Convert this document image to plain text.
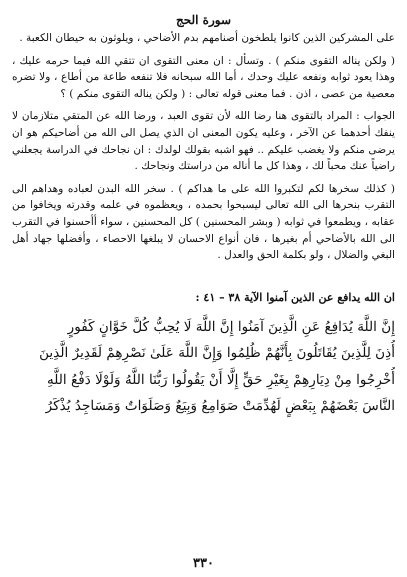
سورة الحج

على المشركين الذين كانوا يلطخون أصنامهم بدم الأضاحي ، ويلوثون به حيطان الكعبة .

( ولكن يناله التقوى منكم ) . وتسأل : ان معنى التقوى ان تتقي الله فيما حرمه عليك ، وهذا يعود ثوابه ونفعه عليك وحدك ، أما الله سبحانه فلا تنفعه طاعة من أطاع ، ولا تضره معصية من عصى ، اذن . فما معنى قوله تعالى : ( ولكن يناله التقوى منكم ) ؟

الجواب : المراد بالتقوى هنا رضا الله لأن تقوى العبد ، ورضا الله عن المتقي متلازمان لا ينفك أحدهما عن الآخر ، وعليه يكون المعنى ان الذي يصل الى الله من أضاحيكم هو ان يرضى منكم ولا يغضب عليكم .. فهو اشبه بقولك لولدك : ان نجاحك في الدراسة يجعلني راضياً عنك محباً لك ، وهذا كل ما أناله من دراستك ونجاحك .

( كذلك سخرها لكم لتكبروا الله على ما هداكم ) . سخر الله البدن لعباده وهداهم الى التقرب بنحرها الى الله تعالى ليسبحوا بحمده ، ويعظموه في علمه وقدرته ويخافوا من عقابه ، ويطمعوا في ثوابه ( وبشر المحسنين ) كل المحسنين ، سواء أأحسنوا في التقرب الى الله بالأضاحي أم بغيرها ، فان أنواع الاحسان لا يبلغها الاحصاء ، وأفضلها جهاد أهل البغي والضلال ، ولو بكلمة الحق والعدل .

ان الله يدافع عن الذين آمنوا الآية ٣٨ – ٤١ :
إِنَّ اللَّهَ يُدَافِعُ عَنِ الَّذِينَ آمَنُوا إِنَّ اللَّهَ لَا يُحِبُّ كُلَّ خَوَّانٍ كَفُورٍ
أُذِنَ لِلَّذِينَ يُقَاتَلُونَ بِأَنَّهُمْ ظُلِمُوا وَإِنَّ اللَّهَ عَلَىٰ نَصْرِهِمْ لَقَدِيرٌ الَّذِينَ
أُخْرِجُوا مِنْ دِيَارِهِمْ بِغَيْرِ حَقٍّ إِلَّا أَنْ يَقُولُوا رَبُّنَا اللَّهُ وَلَوْلَا دَفْعُ اللَّهِ
النَّاسَ بَعْضَهُمْ بِبَعْضٍ لَهُدِّمَتْ صَوَامِعُ وَبِيَعٌ وَصَلَوَاتٌ وَمَسَاجِدُ يُذْكَرُ
٣٣٠
